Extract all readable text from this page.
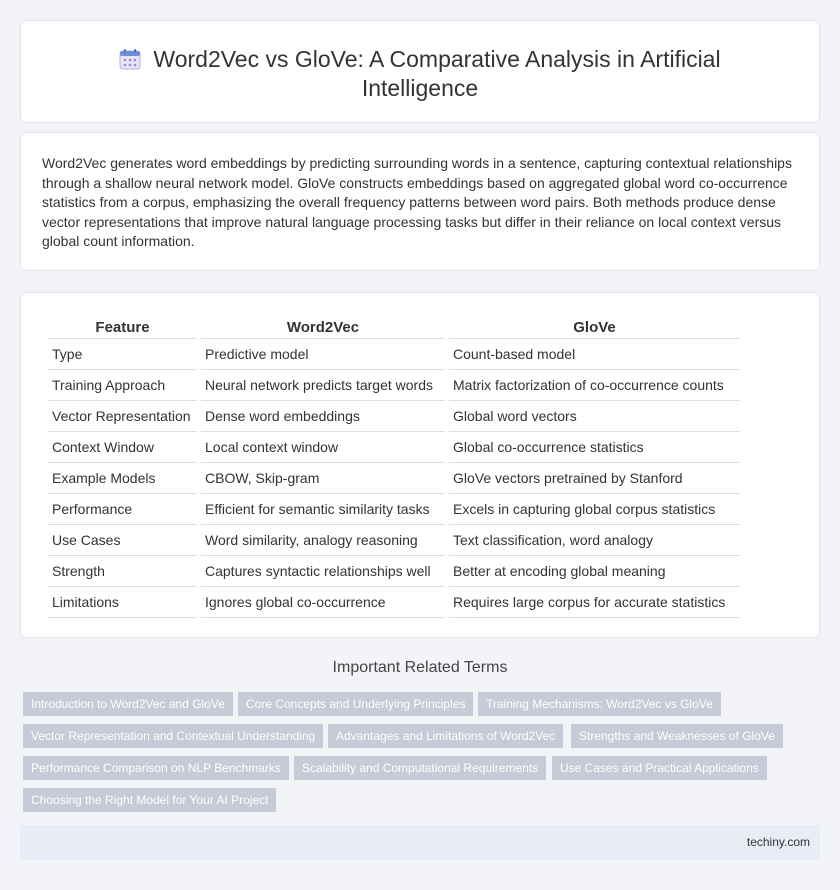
Word2Vec vs GloVe: A Comparative Analysis in Artificial
Intelligence

Word2Vec generates word embeddings by predicting surrounding words in a sentence, capturing contextual relationships through a shallow neural network model. GloVe constructs embeddings based on aggregated global word co-occurrence statistics from a corpus, emphasizing the overall frequency patterns between word pairs. Both methods produce dense vector representations that improve natural language processing tasks but differ in their reliance on local context versus global count information.

Feature	Word2Vec	GloVe
Type	Predictive model	Count-based model
Training Approach	Neural network predicts target words	Matrix factorization of co-occurrence counts
Vector Representation	Dense word embeddings	Global word vectors
Context Window	Local context window	Global co-occurrence statistics
Example Models	CBOW, Skip-gram	GloVe vectors pretrained by Stanford
Performance	Efficient for semantic similarity tasks	Excels in capturing global corpus statistics
Use Cases	Word similarity, analogy reasoning	Text classification, word analogy
Strength	Captures syntactic relationships well	Better at encoding global meaning
Limitations	Ignores global co-occurrence	Requires large corpus for accurate statistics
Important Related Terms
Introduction to Word2Vec and GloVe	Core Concepts and Underlying Principles	Training Mechanisms: Word2Vec vs GloVe
Vector Representation and Contextual Understanding	Advantages and Limitations of Word2Vec	Strengths and Weaknesses of GloVe
Performance Comparison on NLP Benchmarks	Scalability and Computational Requirements	Use Cases and Practical Applications
Choosing the Right Model for Your AI Project
techiny.com
